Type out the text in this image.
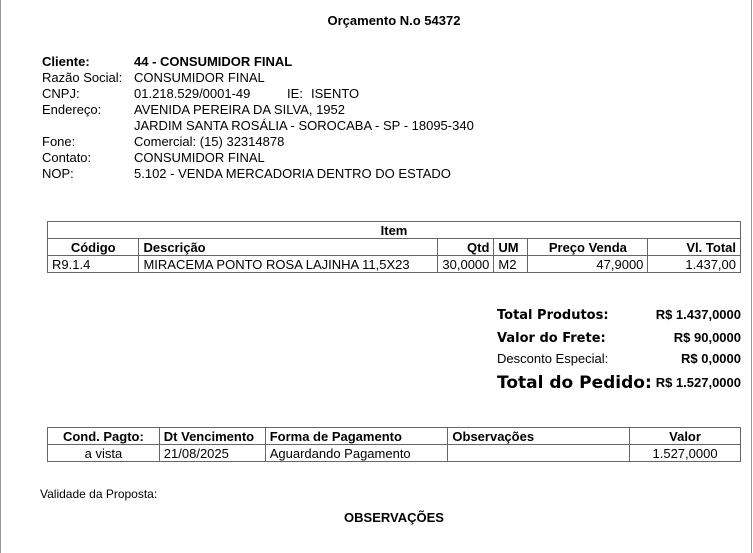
Orçamento N.o 54372
Cliente:	44 - CONSUMIDOR FINAL
Razão Social: CONSUMIDOR FINAL
CNPJ:	01.218.529/0001-49	IE: ISENTO
Endereço:	AVENIDA PEREIRA DA SILVA, 1952
JARDIM SANTA ROSÁLIA - SOROCABA - SP - 18095-340
Fone:	Comercial: (15) 32314878
Contato:	CONSUMIDOR FINAL
NOP:	5.102 - VENDA MERCADORIA DENTRO DO ESTADO
Item					
Código	Descrição	Qtd	UM	Preço Venda	Vl. Total
R9.1.4	MIRACEMA PONTO ROSA LAJINHA 11,5X23	30,0000	M2	47,9000	1.437,00
Total Produtos:	R$ 1.437,0000
Valor do Frete:	R$ 90,0000
Desconto Especial:	R$ 0,0000
Total do Pedido: R$ 1.527,0000
Cond. Pagto:	Dt Vencimento	Forma de Pagamento	Observações	Valor
a vista	21/08/2025	Aguardando Pagamento		1.527,0000
Validade da Proposta:
OBSERVAÇÕES
